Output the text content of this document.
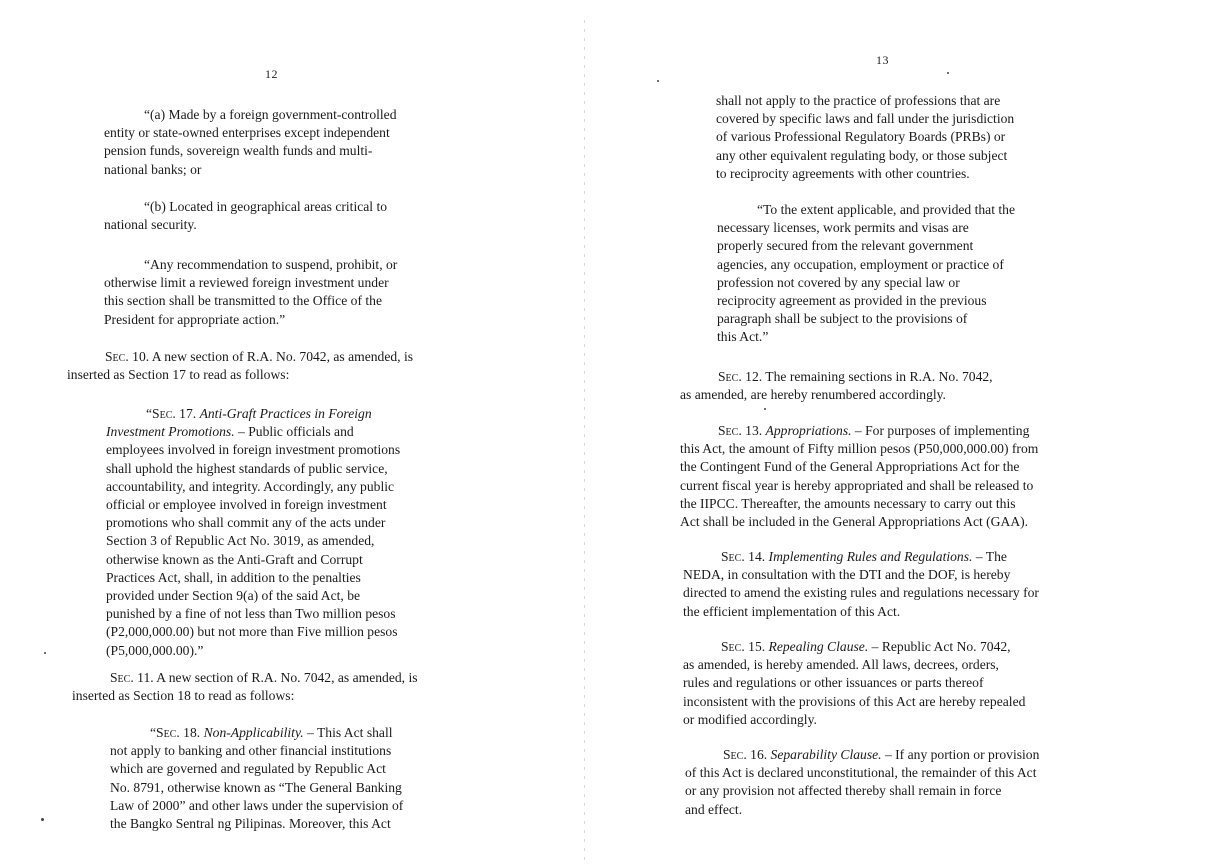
12
“(a) Made by a foreign government-controlled
entity or state-owned enterprises except independent
pension funds, sovereign wealth funds and multi-
national banks; or
“(b) Located in geographical areas critical to
national security.
“Any recommendation to suspend, prohibit, or
otherwise limit a reviewed foreign investment under
this section shall be transmitted to the Office of the
President for appropriate action.”
Sec. 10. A new section of R.A. No. 7042, as amended, is
inserted as Section 17 to read as follows:
“Sec. 17. Anti-Graft Practices in Foreign
Investment Promotions. – Public officials and
employees involved in foreign investment promotions
shall uphold the highest standards of public service,
accountability, and integrity. Accordingly, any public
official or employee involved in foreign investment
promotions who shall commit any of the acts under
Section 3 of Republic Act No. 3019, as amended,
otherwise known as the Anti-Graft and Corrupt
Practices Act, shall, in addition to the penalties
provided under Section 9(a) of the said Act, be
punished by a fine of not less than Two million pesos
(P2,000,000.00) but not more than Five million pesos
(P5,000,000.00).”
Sec. 11. A new section of R.A. No. 7042, as amended, is
inserted as Section 18 to read as follows:
“Sec. 18. Non-Applicability. – This Act shall
not apply to banking and other financial institutions
which are governed and regulated by Republic Act
No. 8791, otherwise known as “The General Banking
Law of 2000” and other laws under the supervision of
the Bangko Sentral ng Pilipinas. Moreover, this Act
13
shall not apply to the practice of professions that are
covered by specific laws and fall under the jurisdiction
of various Professional Regulatory Boards (PRBs) or
any other equivalent regulating body, or those subject
to reciprocity agreements with other countries.
“To the extent applicable, and provided that the
necessary licenses, work permits and visas are
properly secured from the relevant government
agencies, any occupation, employment or practice of
profession not covered by any special law or
reciprocity agreement as provided in the previous
paragraph shall be subject to the provisions of
this Act.”
Sec. 12. The remaining sections in R.A. No. 7042,
as amended, are hereby renumbered accordingly.
Sec. 13. Appropriations. – For purposes of implementing
this Act, the amount of Fifty million pesos (P50,000,000.00) from
the Contingent Fund of the General Appropriations Act for the
current fiscal year is hereby appropriated and shall be released to
the IIPCC. Thereafter, the amounts necessary to carry out this
Act shall be included in the General Appropriations Act (GAA).
Sec. 14. Implementing Rules and Regulations. – The
NEDA, in consultation with the DTI and the DOF, is hereby
directed to amend the existing rules and regulations necessary for
the efficient implementation of this Act.
Sec. 15. Repealing Clause. – Republic Act No. 7042,
as amended, is hereby amended. All laws, decrees, orders,
rules and regulations or other issuances or parts thereof
inconsistent with the provisions of this Act are hereby repealed
or modified accordingly.
Sec. 16. Separability Clause. – If any portion or provision
of this Act is declared unconstitutional, the remainder of this Act
or any provision not affected thereby shall remain in force
and effect.
